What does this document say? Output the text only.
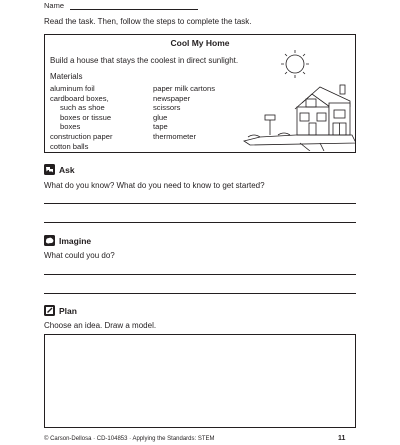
Name
Read the task. Then, follow the steps to complete the task.
Cool My Home
Build a house that stays the coolest in direct sunlight.
Materials
aluminum foil
cardboard boxes,
such as shoe
boxes or tissue
boxes
construction paper
cotton balls
paper milk cartons
newspaper
scissors
glue
tape
thermometer
Ask
What do you know? What do you need to know to get started?
Imagine
What could you do?
Plan
Choose an idea. Draw a model.
© Carson-Dellosa · CD-104853 · Applying the Standards: STEM	11
